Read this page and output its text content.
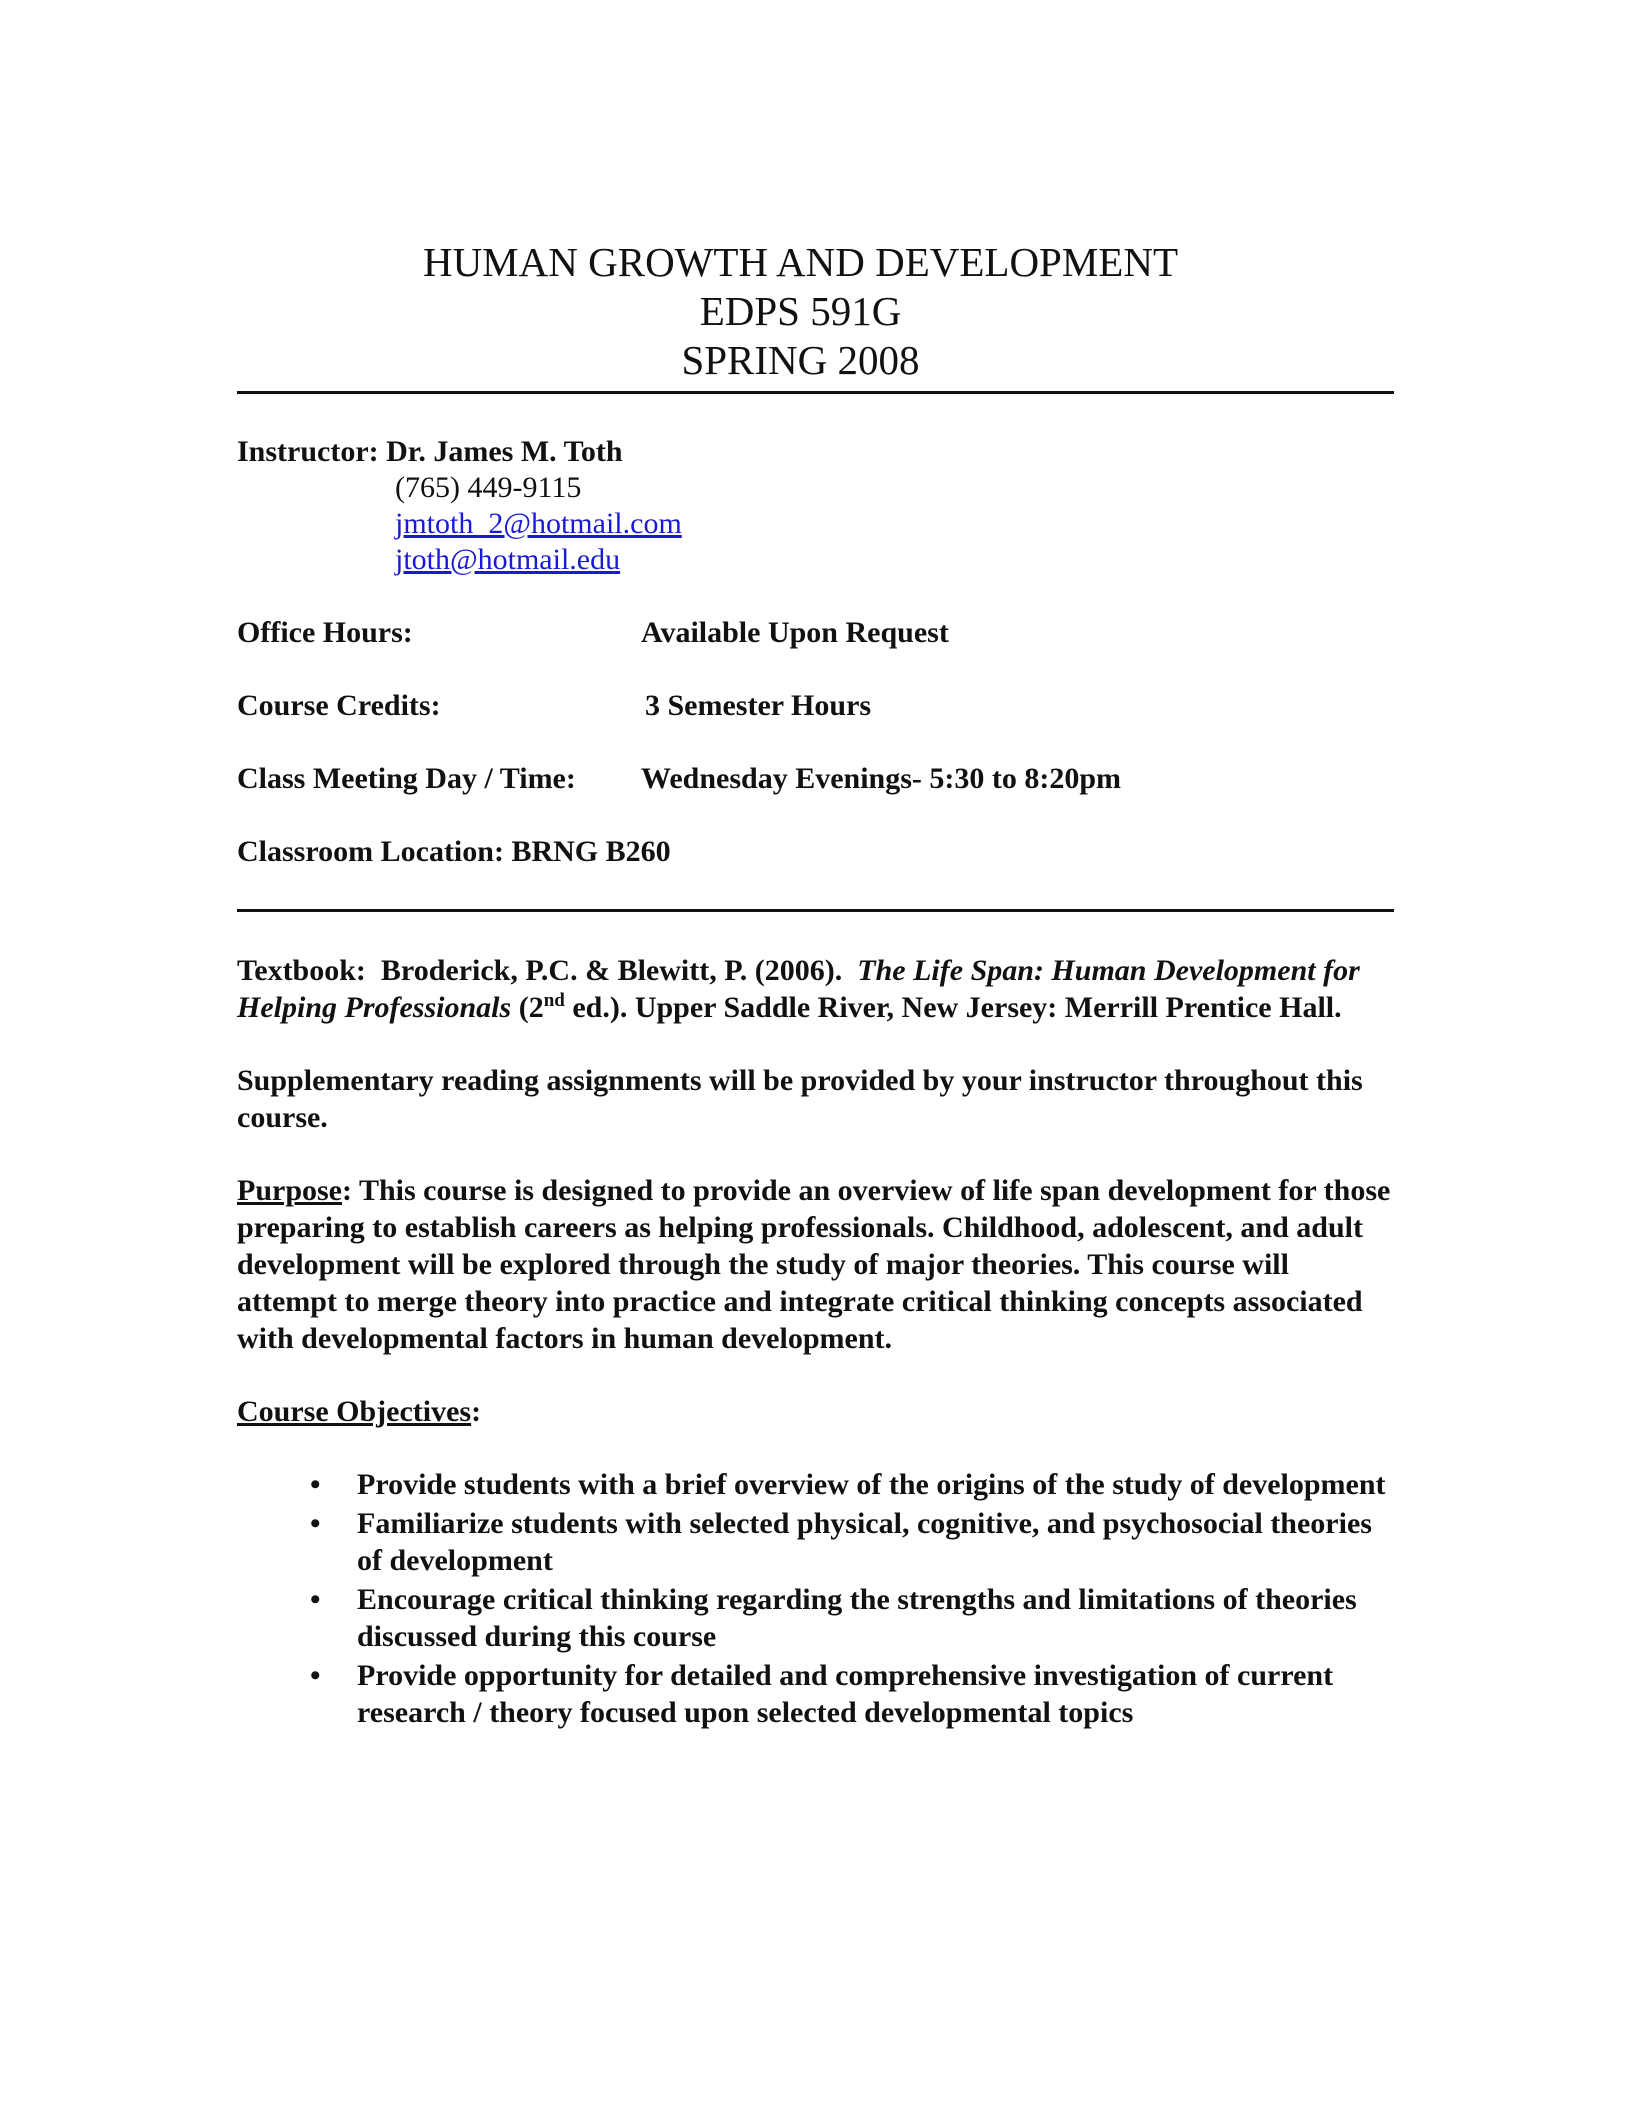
HUMAN GROWTH AND DEVELOPMENT
EDPS 591G
SPRING 2008
Instructor: Dr. James M. Toth
(765) 449-9115
jmtoth_2@hotmail.com
jtoth@hotmail.edu
Office Hours:	Available Upon Request
Course Credits:	3 Semester Hours
Class Meeting Day / Time:	Wednesday Evenings- 5:30 to 8:20pm
Classroom Location:
BRNG B260
Textbook: Broderick, P.C. & Blewitt, P. (2006). The Life Span: Human Development for Helping Professionals (2nd ed.). Upper Saddle River, New Jersey: Merrill Prentice Hall.
Supplementary reading assignments will be provided by your instructor throughout this course.
Purpose: This course is designed to provide an overview of life span development for those preparing to establish careers as helping professionals. Childhood, adolescent, and adult development will be explored through the study of major theories. This course will attempt to merge theory into practice and integrate critical thinking concepts associated with developmental factors in human development.
Course Objectives:
• Provide students with a brief overview of the origins of the study of development
• Familiarize students with selected physical, cognitive, and psychosocial theories of development
• Encourage critical thinking regarding the strengths and limitations of theories discussed during this course
• Provide opportunity for detailed and comprehensive investigation of current research / theory focused upon selected developmental topics
